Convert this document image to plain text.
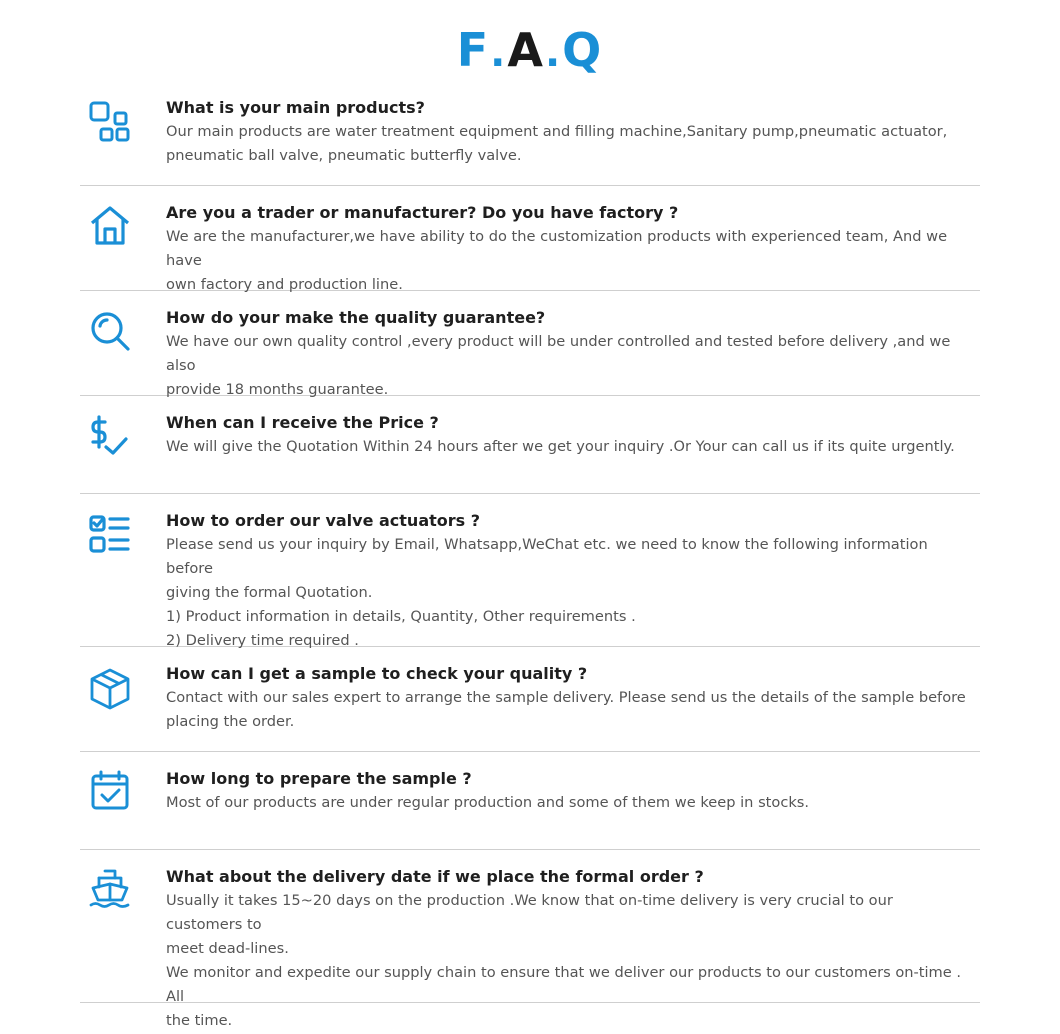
F.A.Q

What is your main products?

Our main products are water treatment equipment and filling machine,Sanitary pump,pneumatic actuator,

pneumatic ball valve, pneumatic butterfly valve.

Are you a trader or manufacturer? Do you have factory ?

We are the manufacturer,we have ability to do the customization products with experienced team, And we have

own factory and production line.

How do your make the quality guarantee?

We have our own quality control ,every product will be under controlled and tested before delivery ,and we also

provide 18 months guarantee.

When can I receive the Price ?

We will give the Quotation Within 24 hours after we get your inquiry .Or Your can call us if its quite urgently.

How to order our valve actuators ?

Please send us your inquiry by Email, Whatsapp,WeChat etc. we need to know the following information before

giving the formal Quotation.

1) Product information in details, Quantity, Other requirements .

2) Delivery time required .

How can I get a sample to check your quality ?

Contact with our sales expert to arrange the sample delivery. Please send us the details of the sample before

placing the order.

How long to prepare the sample ?

Most of our products are under regular production and some of them we keep in stocks.

What about the delivery date if we place the formal order ?

Usually it takes 15~20 days on the production .We know that on-time delivery is very crucial to our customers to

meet dead-lines.

We monitor and expedite our supply chain to ensure that we deliver our products to our customers on-time . All

the time.
